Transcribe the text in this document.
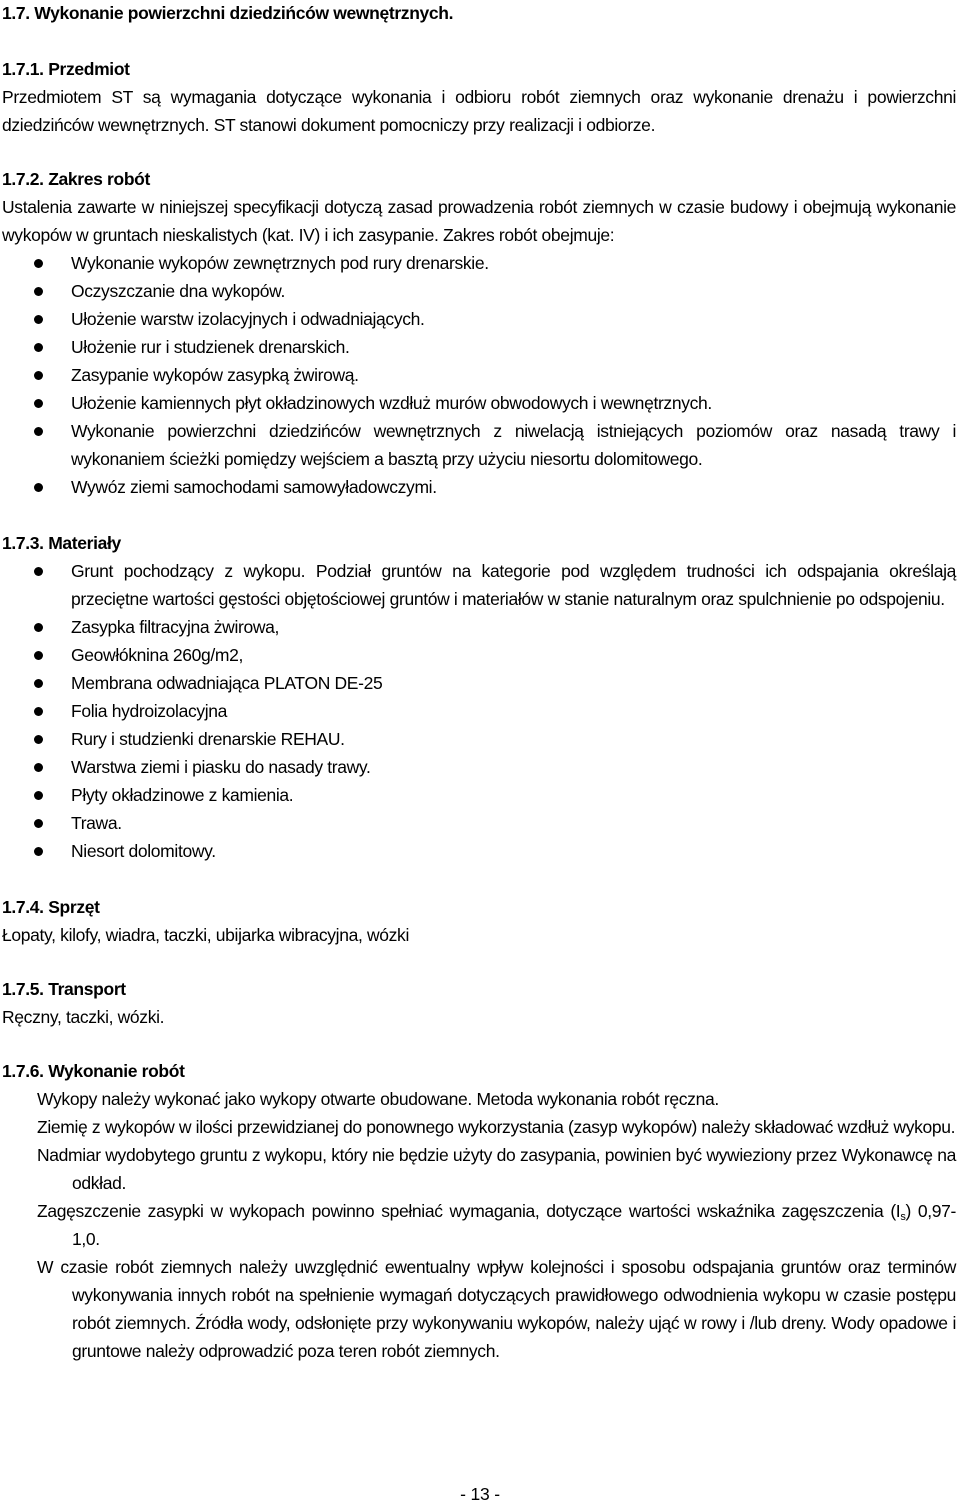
1.7. Wykonanie powierzchni dziedzińców wewnętrznych.
1.7.1. Przedmiot

Przedmiotem ST są wymagania dotyczące wykonania i odbioru robót ziemnych oraz wykonanie drenażu i powierzchni dziedzińców wewnętrznych. ST stanowi dokument pomocniczy przy realizacji i odbiorze.

1.7.2. Zakres robót

Ustalenia zawarte w niniejszej specyfikacji dotyczą zasad prowadzenia robót ziemnych w czasie budowy i obejmują wykonanie wykopów w gruntach nieskalistych (kat. IV) i ich zasypanie. Zakres robót obejmuje:

Wykonanie wykopów zewnętrznych pod rury drenarskie.
Oczyszczanie dna wykopów.
Ułożenie warstw izolacyjnych i odwadniających.
Ułożenie rur i studzienek drenarskich.
Zasypanie wykopów zasypką żwirową.
Ułożenie kamiennych płyt okładzinowych wzdłuż murów obwodowych i wewnętrznych.
Wykonanie powierzchni dziedzińców wewnętrznych z niwelacją istniejących poziomów oraz nasadą trawy i wykonaniem ścieżki pomiędzy wejściem a basztą przy użyciu niesortu dolomitowego.
Wywóz ziemi samochodami samowyładowczymi.
1.7.3. Materiały
Grunt pochodzący z wykopu. Podział gruntów na kategorie pod względem trudności ich odspajania określają przeciętne wartości gęstości objętościowej gruntów i materiałów w stanie naturalnym oraz spulchnienie po odspojeniu.
Zasypka filtracyjna żwirowa,
Geowłóknina 260g/m2,
Membrana odwadniająca PLATON DE-25
Folia hydroizolacyjna
Rury i studzienki drenarskie REHAU.
Warstwa ziemi i piasku do nasady trawy.
Płyty okładzinowe z kamienia.
Trawa.
Niesort dolomitowy.
1.7.4. Sprzęt

Łopaty, kilofy, wiadra, taczki, ubijarka wibracyjna, wózki

1.7.5. Transport

Ręczny, taczki, wózki.

1.7.6. Wykonanie robót

Wykopy należy wykonać jako wykopy otwarte obudowane. Metoda wykonania robót ręczna.

Ziemię z wykopów w ilości przewidzianej do ponownego wykorzystania (zasyp wykopów) należy składować wzdłuż wykopu.

Nadmiar wydobytego gruntu z wykopu, który nie będzie użyty do zasypania, powinien być wywieziony przez Wykonawcę na odkład.

Zagęszczenie zasypki w wykopach powinno spełniać wymagania, dotyczące wartości wskaźnika zagęszczenia $(I_s)$ 0,97- 1,0.

W czasie robót ziemnych należy uwzględnić ewentualny wpływ kolejności i sposobu odspajania gruntów oraz terminów wykonywania innych robót na spełnienie wymagań dotyczących prawidłowego odwodnienia wykopu w czasie postępu robót ziemnych. Źródła wody, odsłonięte przy wykonywaniu wykopów, należy ująć w rowy i /lub dreny. Wody opadowe i gruntowe należy odprowadzić poza teren robót ziemnych.

- 13 -
